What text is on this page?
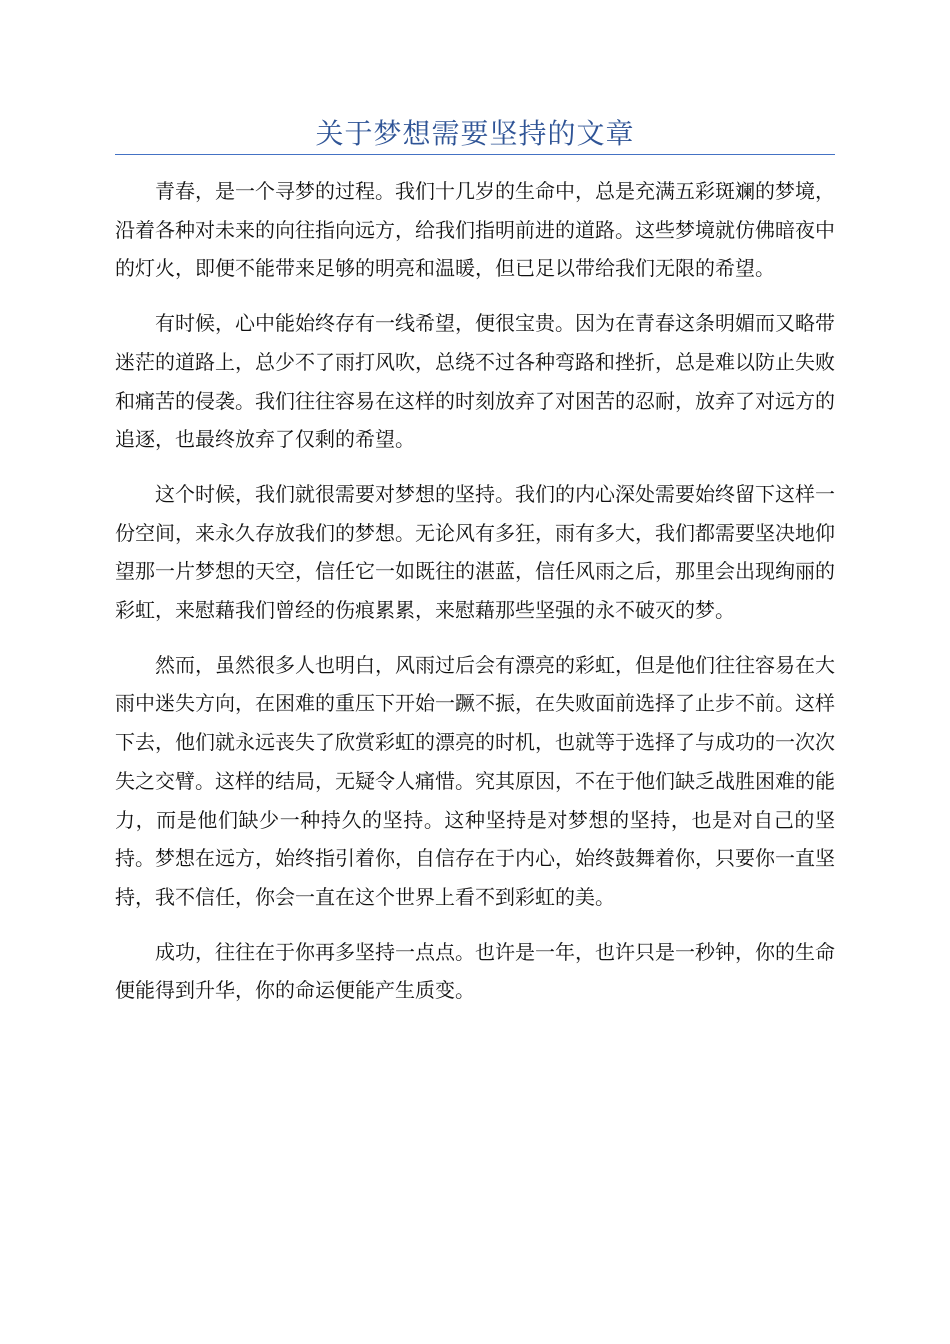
关于梦想需要坚持的文章

青春，是一个寻梦的过程。我们十几岁的生命中，总是充满五彩斑斓的梦境，沿着各种对未来的向往指向远方，给我们指明前进的道路。这些梦境就仿佛暗夜中的灯火，即便不能带来足够的明亮和温暖，但已足以带给我们无限的希望。

有时候，心中能始终存有一线希望，便很宝贵。因为在青春这条明媚而又略带迷茫的道路上，总少不了雨打风吹，总绕不过各种弯路和挫折，总是难以防止失败和痛苦的侵袭。我们往往容易在这样的时刻放弃了对困苦的忍耐，放弃了对远方的追逐，也最终放弃了仅剩的希望。

这个时候，我们就很需要对梦想的坚持。我们的内心深处需要始终留下这样一份空间，来永久存放我们的梦想。无论风有多狂，雨有多大，我们都需要坚决地仰望那一片梦想的天空，信任它一如既往的湛蓝，信任风雨之后，那里会出现绚丽的彩虹，来慰藉我们曾经的伤痕累累，来慰藉那些坚强的永不破灭的梦。

然而，虽然很多人也明白，风雨过后会有漂亮的彩虹，但是他们往往容易在大雨中迷失方向，在困难的重压下开始一蹶不振，在失败面前选择了止步不前。这样下去，他们就永远丧失了欣赏彩虹的漂亮的时机，也就等于选择了与成功的一次次失之交臂。这样的结局，无疑令人痛惜。究其原因，不在于他们缺乏战胜困难的能力，而是他们缺少一种持久的坚持。这种坚持是对梦想的坚持，也是对自己的坚持。梦想在远方，始终指引着你，自信存在于内心，始终鼓舞着你，只要你一直坚持，我不信任，你会一直在这个世界上看不到彩虹的美。

成功，往往在于你再多坚持一点点。也许是一年，也许只是一秒钟，你的生命便能得到升华，你的命运便能产生质变。
